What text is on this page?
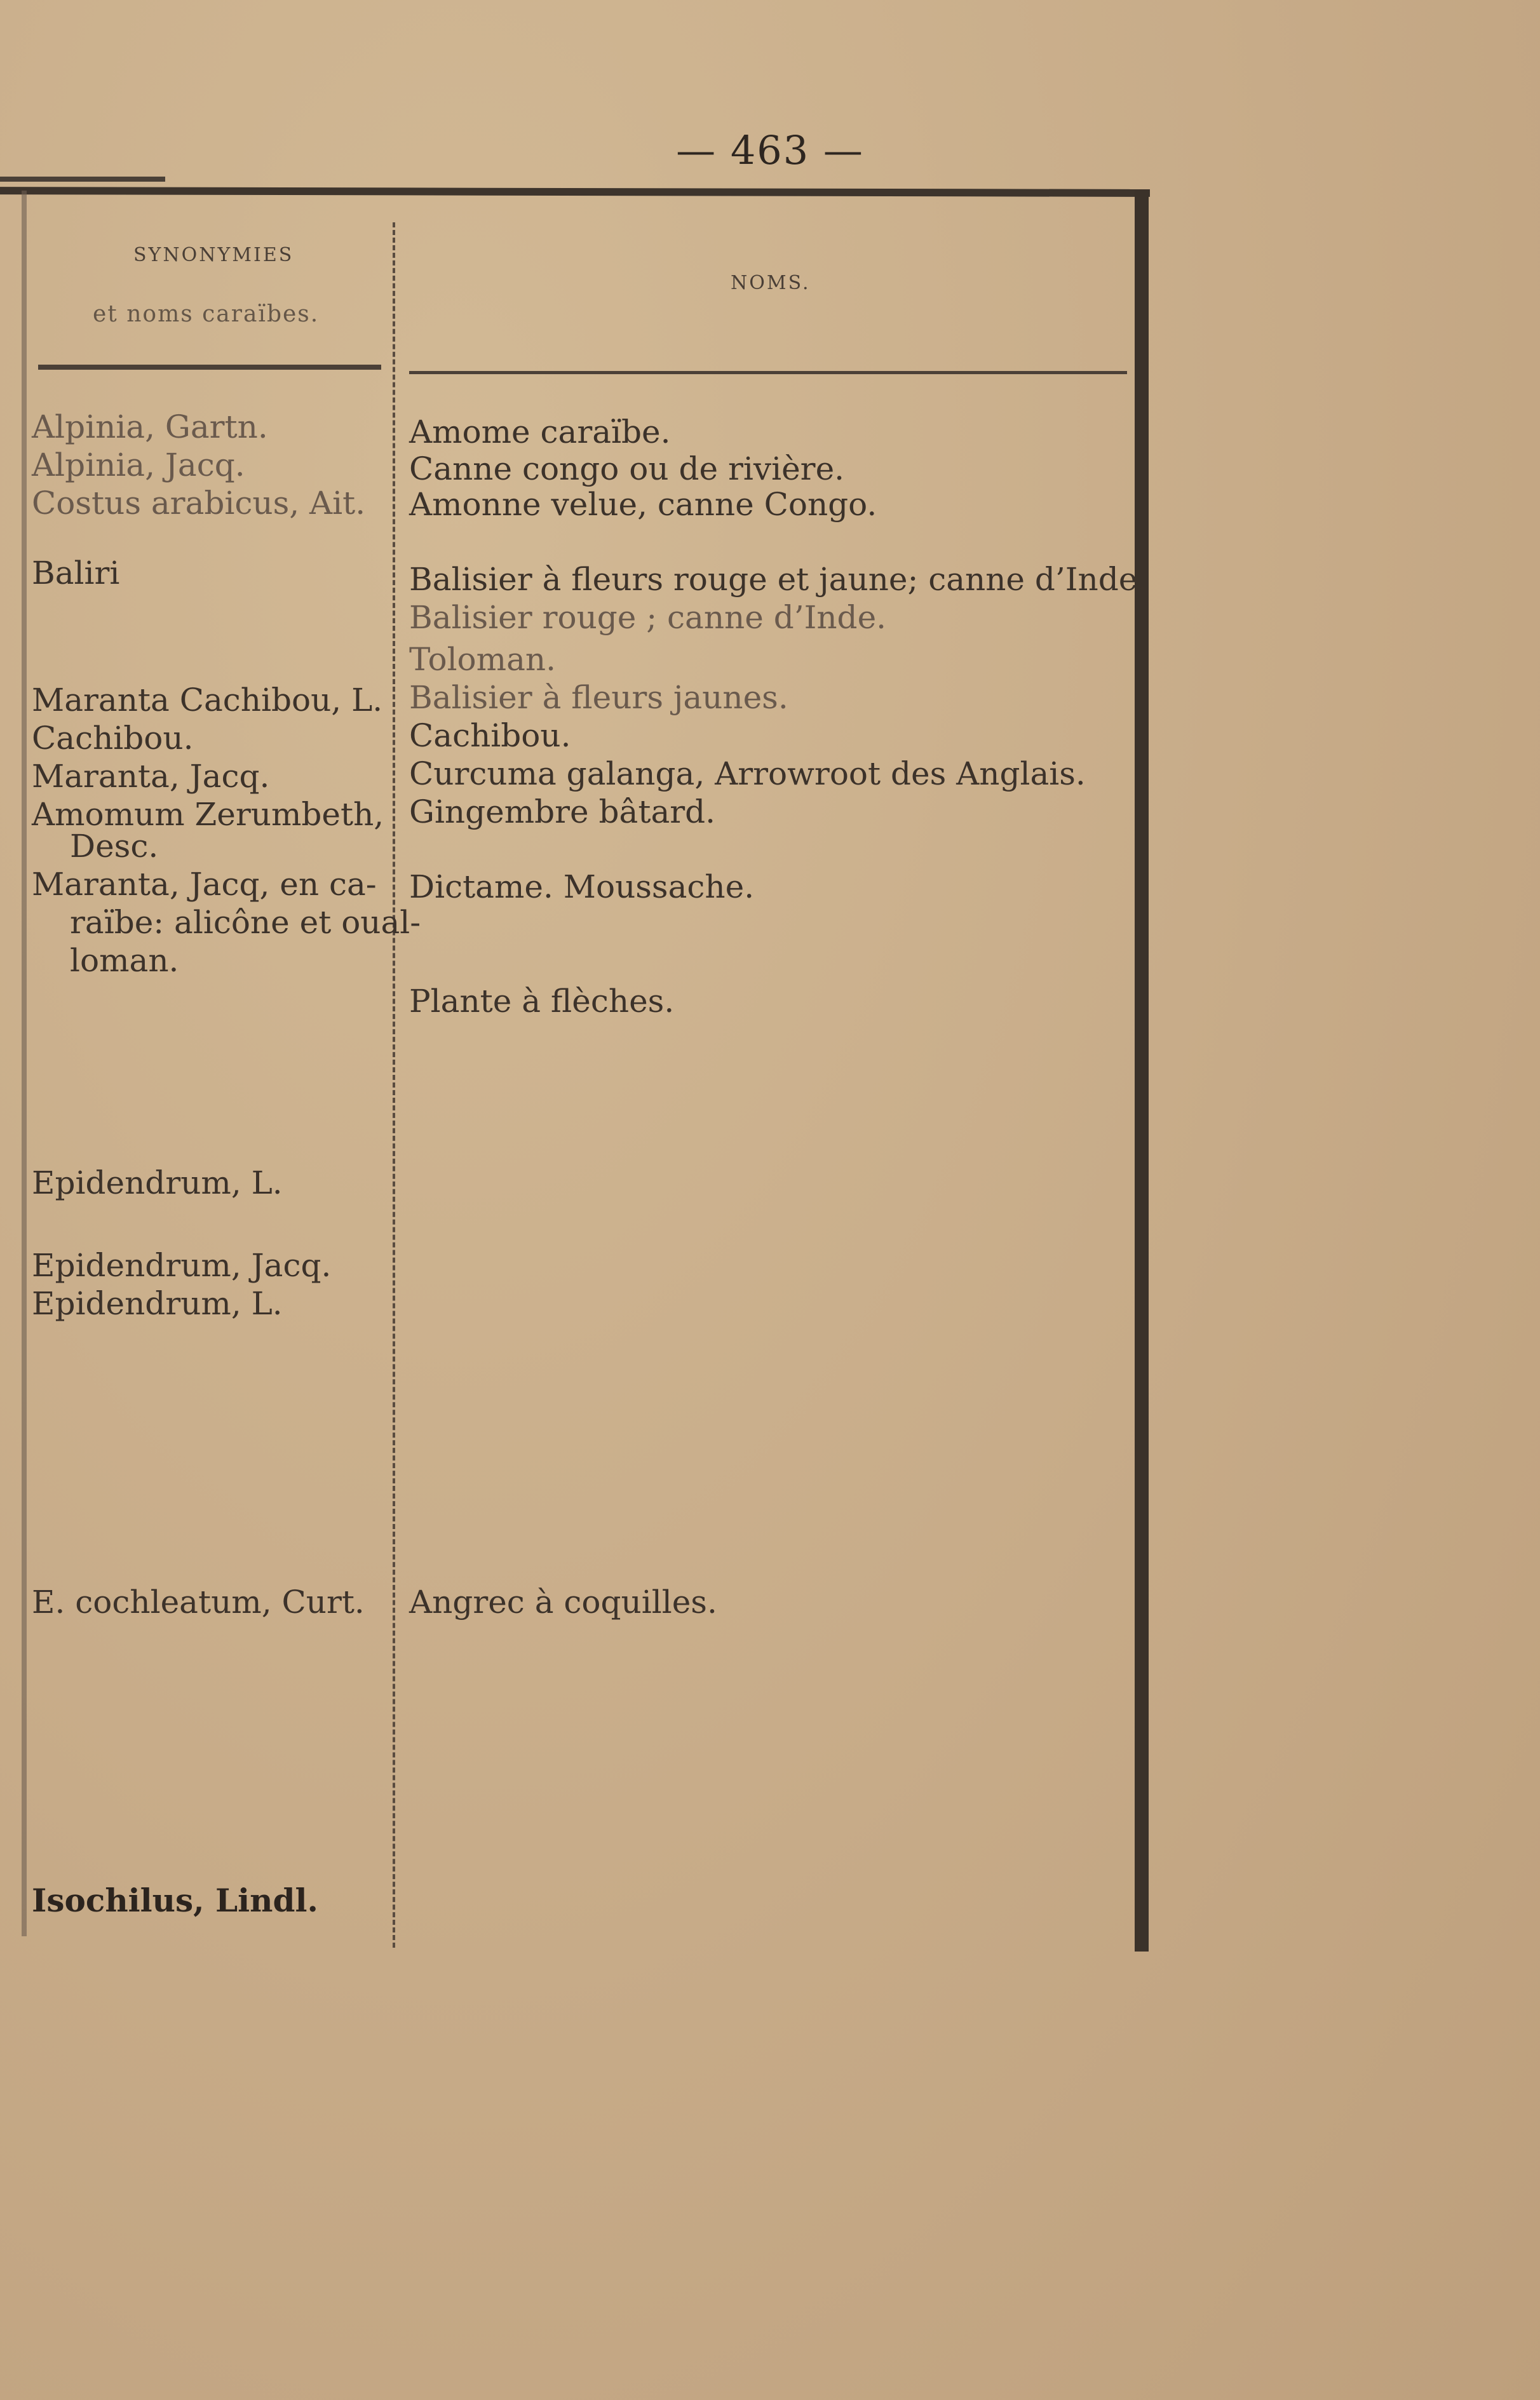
— 463 —
SYNONYMIES
et noms caraïbes.
NOMS.
Alpinia, Gartn.
Alpinia, Jacq.
Costus arabicus, Ait.
Baliri
Maranta Cachibou, L.
Cachibou.
Maranta, Jacq.
Amomum Zerumbeth,
Desc.
Maranta, Jacq, en ca-
raïbe: alicône et oual-
loman.
Epidendrum, L.
Epidendrum, Jacq.
Epidendrum, L.
E. cochleatum, Curt.
Isochilus, Lindl.
Amome caraïbe.
Canne congo ou de rivière.
Amonne velue, canne Congo.
Balisier à fleurs rouge et jaune; canne d’Inde.
Balisier rouge ; canne d’Inde.
Toloman.
Balisier à fleurs jaunes.
Cachibou.
Curcuma galanga, Arrowroot des Anglais.
Gingembre bâtard.
Dictame. Moussache.
Plante à flèches.
Angrec à coquilles.
